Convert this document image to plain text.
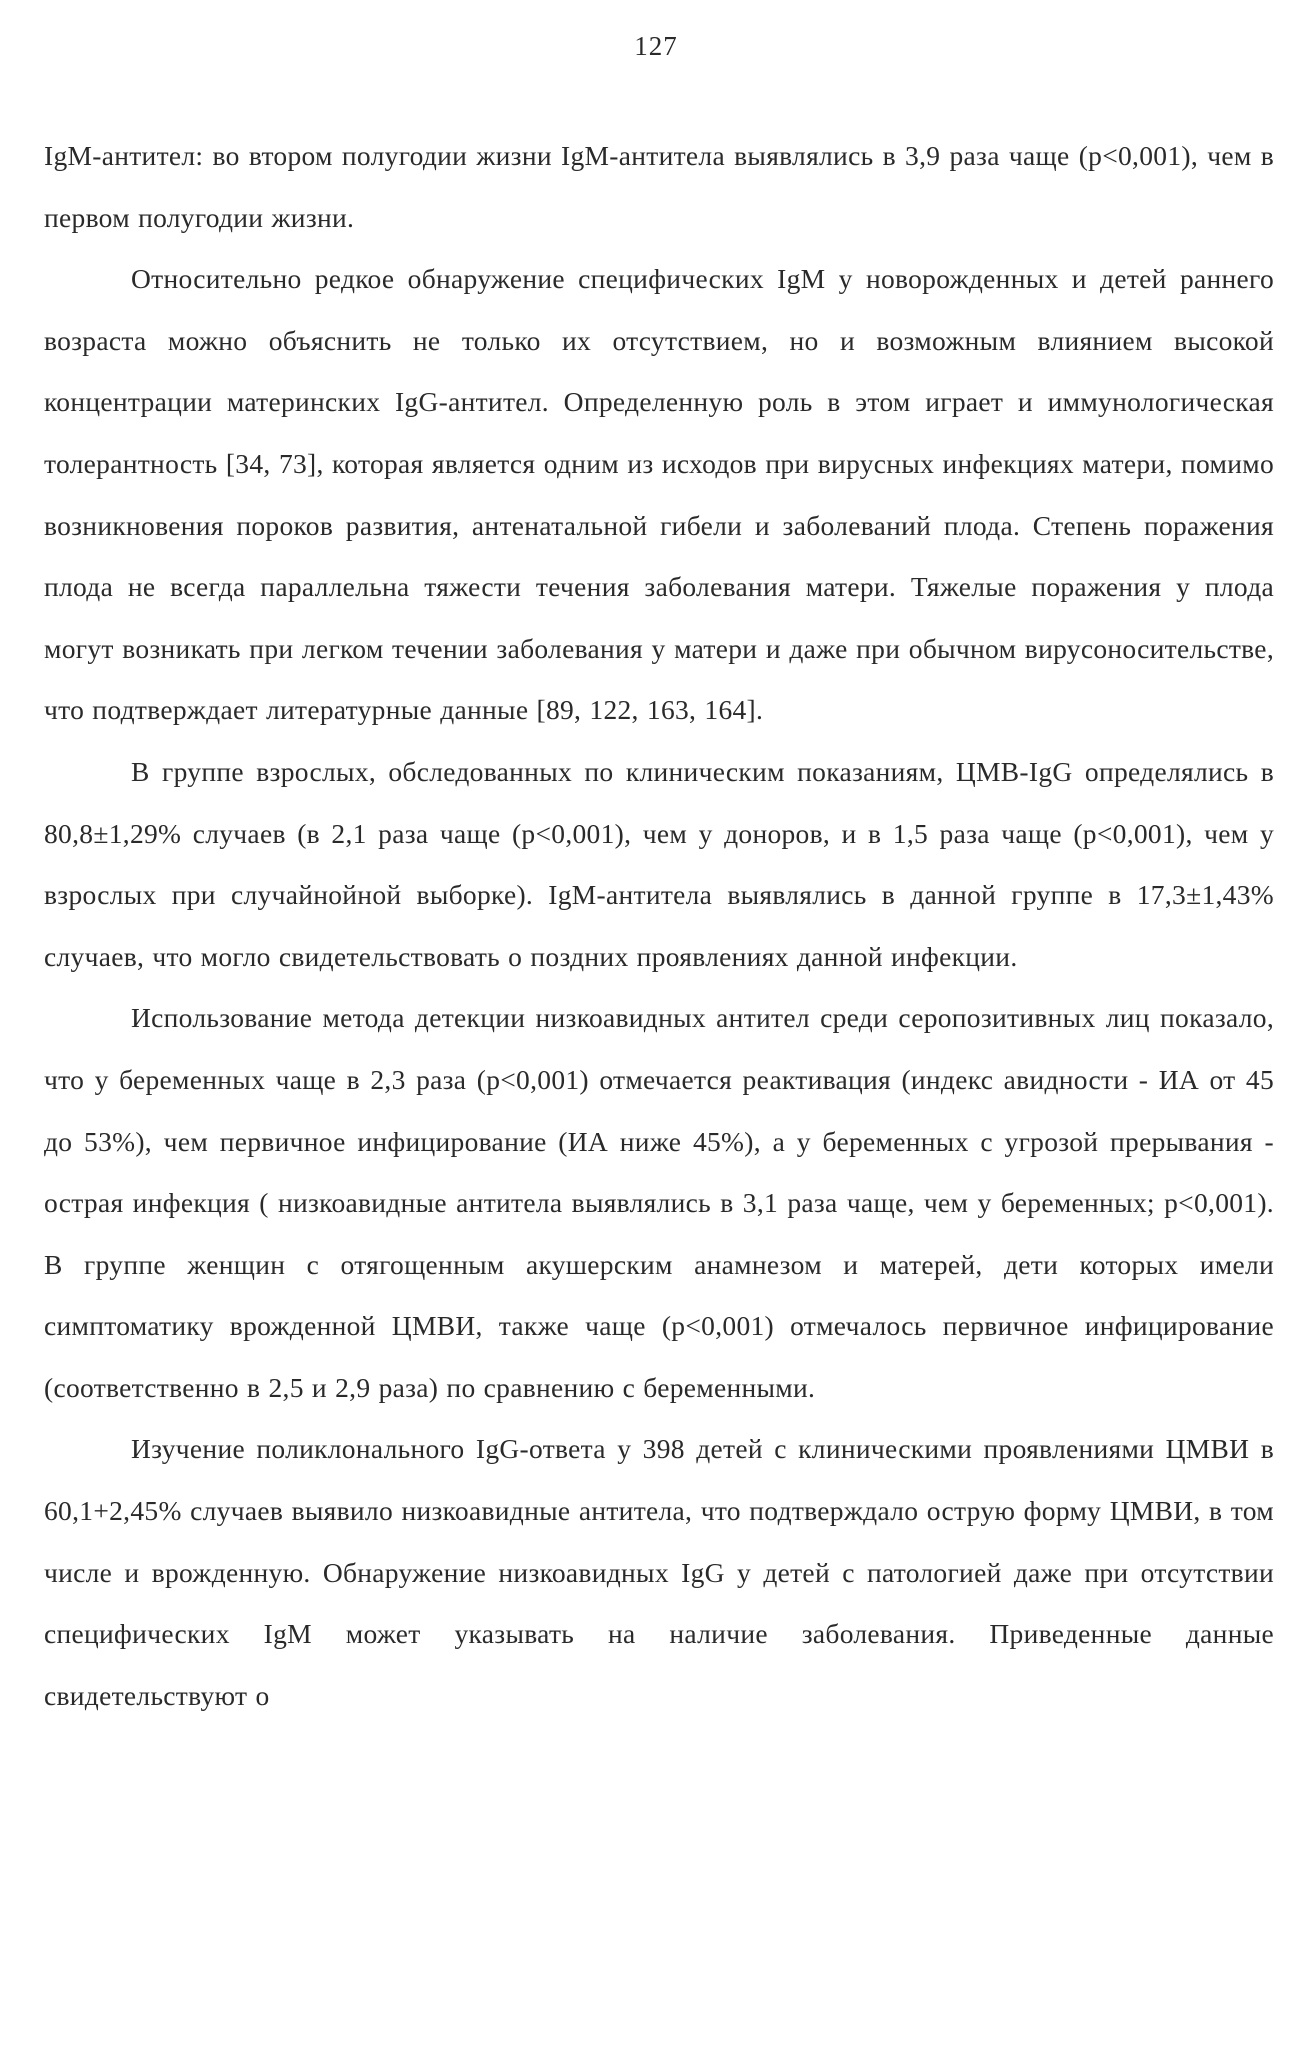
127

IgM-антител: во втором полугодии жизни IgM-антитела выявлялись в 3,9 раза чаще (p<0,001), чем в первом полугодии жизни.

Относительно редкое обнаружение специфических IgM у новорожденных и детей раннего возраста можно объяснить не только их отсутствием, но и возможным влиянием высокой концентрации материнских IgG-антител. Определенную роль в этом играет и иммунологическая толерантность [34, 73], которая является одним из исходов при вирусных инфекциях матери, помимо возникновения пороков развития, антенатальной гибели и заболеваний плода. Степень поражения плода не всегда параллельна тяжести течения заболевания матери. Тяжелые поражения у плода могут возникать при легком течении заболевания у матери и даже при обычном вирусоносительстве, что подтверждает литературные данные [89, 122, 163, 164].

В группе взрослых, обследованных по клиническим показаниям, ЦМВ-IgG определялись в 80,8±1,29% случаев (в 2,1 раза чаще (p<0,001), чем у доноров, и в 1,5 раза чаще (p<0,001), чем у взрослых при случайнойной выборке). IgM-антитела выявлялись в данной группе в 17,3±1,43% случаев, что могло свидетельствовать о поздних проявлениях данной инфекции.

Использование метода детекции низкоавидных антител среди серопозитивных лиц показало, что у беременных чаще в 2,3 раза (p<0,001) отмечается реактивация (индекс авидности - ИА от 45 до 53%), чем первичное инфицирование (ИА ниже 45%), а у беременных с угрозой прерывания - острая инфекция ( низкоавидные антитела выявлялись в 3,1 раза чаще, чем у беременных; p<0,001). В группе женщин с отягощенным акушерским анамнезом и матерей, дети которых имели симптоматику врожденной ЦМВИ, также чаще (p<0,001) отмечалось первичное инфицирование (соответственно в 2,5 и 2,9 раза) по сравнению с беременными.

Изучение поликлонального IgG-ответа у 398 детей с клиническими проявлениями ЦМВИ в 60,1+2,45% случаев выявило низкоавидные антитела, что подтверждало острую форму ЦМВИ, в том числе и врожденную. Обнаружение низкоавидных IgG у детей с патологией даже при отсутствии специфических IgM может указывать на наличие заболевания. Приведенные данные свидетельствуют о
